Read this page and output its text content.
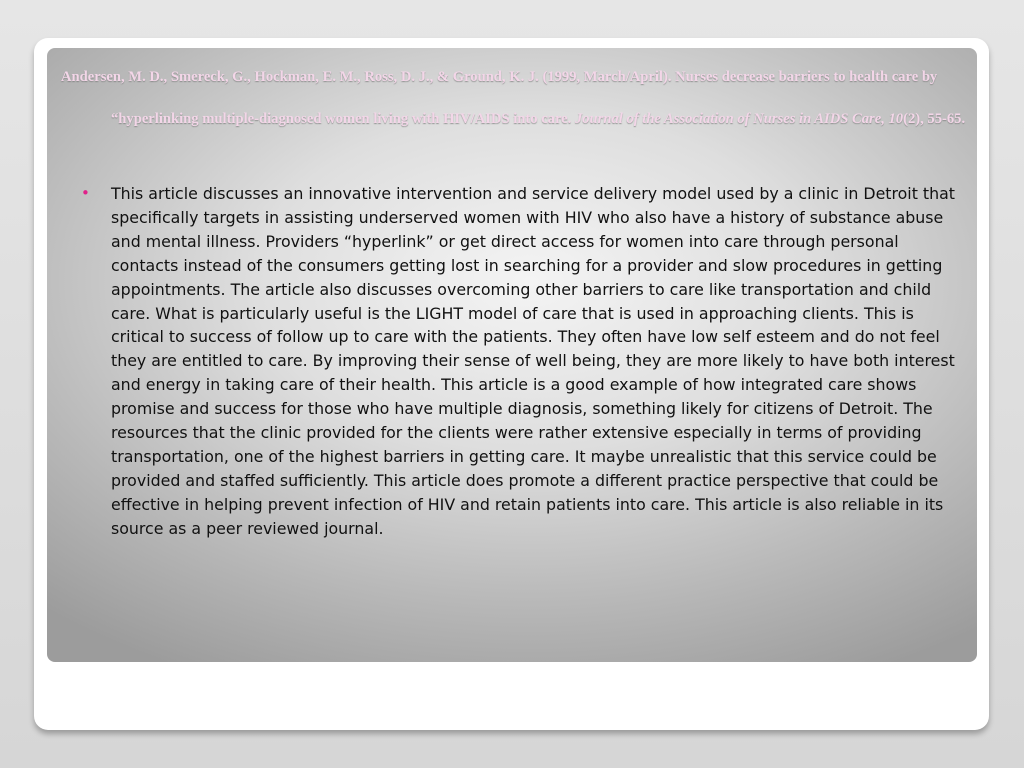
Andersen, M. D., Smereck, G., Hockman, E. M., Ross, D. J., & Ground, K. J. (1999, March/April). Nurses decrease barriers to health care by “hyperlinking multiple-diagnosed women living with HIV/AIDS into care. Journal of the Association of Nurses in AIDS Care, 10(2), 55-65.

• This article discusses an innovative intervention and service delivery model used by a clinic in Detroit that specifically targets in assisting underserved women with HIV who also have a history of substance abuse and mental illness. Providers “hyperlink” or get direct access for women into care through personal contacts instead of the consumers getting lost in searching for a provider and slow procedures in getting appointments. The article also discusses overcoming other barriers to care like transportation and child care. What is particularly useful is the LIGHT model of care that is used in approaching clients. This is critical to success of follow up to care with the patients. They often have low self esteem and do not feel they are entitled to care. By improving their sense of well being, they are more likely to have both interest and energy in taking care of their health. This article is a good example of how integrated care shows promise and success for those who have multiple diagnosis, something likely for citizens of Detroit. The resources that the clinic provided for the clients were rather extensive especially in terms of providing transportation, one of the highest barriers in getting care. It maybe unrealistic that this service could be provided and staffed sufficiently. This article does promote a different practice perspective that could be effective in helping prevent infection of HIV and retain patients into care. This article is also reliable in its source as a peer reviewed journal.
